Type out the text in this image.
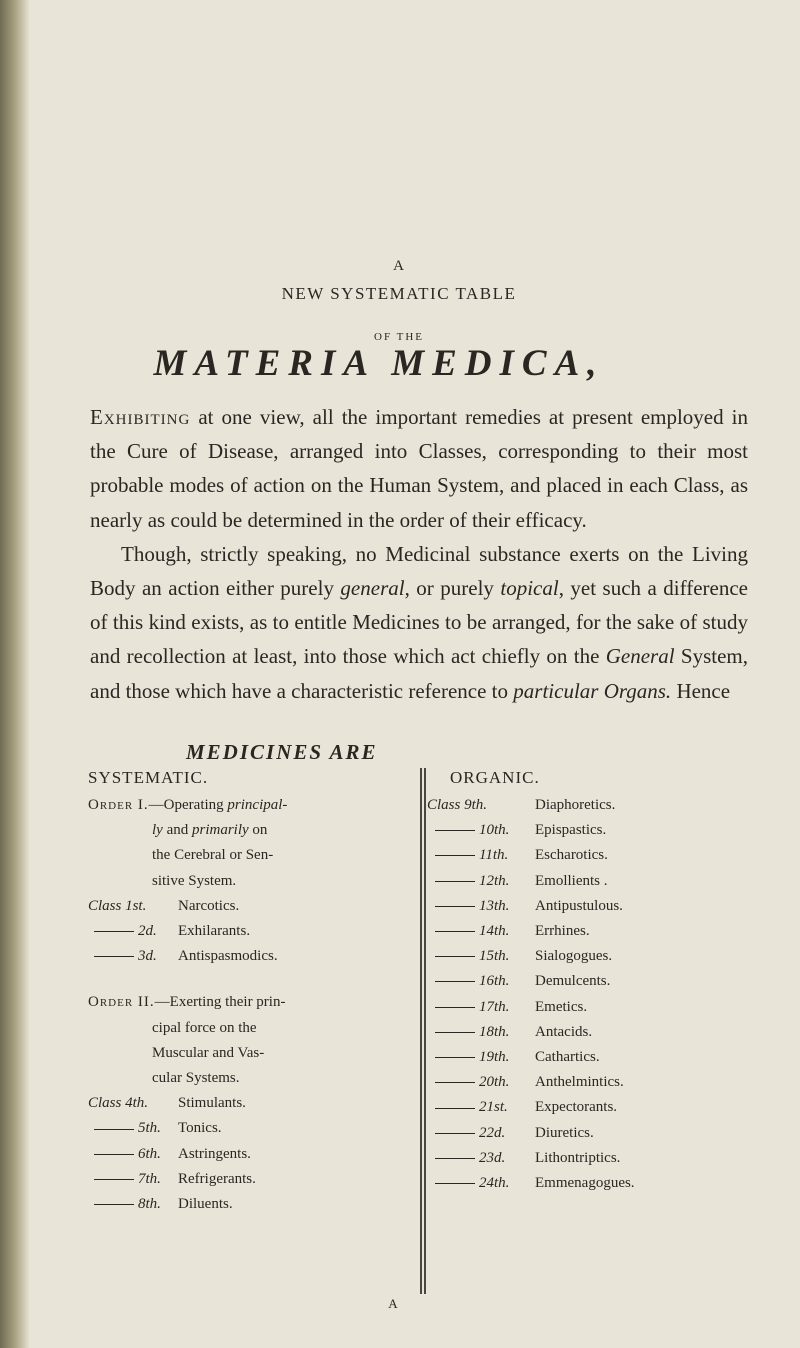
A
NEW SYSTEMATIC TABLE
OF THE
MATERIA MEDICA,

Exhibiting at one view, all the important remedies at present employed in the Cure of Disease, arranged into Classes, corresponding to their most probable modes of action on the Human System, and placed in each Class, as nearly as could be determined in the order of their efficacy.

Though, strictly speaking, no Medicinal substance exerts on the Living Body an action either purely general, or purely topical, yet such a difference of this kind exists, as to entitle Medicines to be arranged, for the sake of study and recollection at least, into those which act chiefly on the General System, and those which have a characteristic reference to particular Organs. Hence

MEDICINES ARE
SYSTEMATIC.	ORGANIC.
Order I.—Operating principal-
ly and primarily on
the Cerebral or Sen-
sitive System.
Class 1st.	Narcotics.
2d.	Exhilarants.
3d.	Antispasmodics.
Order II.—Exerting their prin-
cipal force on the
Muscular and Vas-
cular Systems.
Class 4th.	Stimulants.
5th.	Tonics.
6th.	Astringents.
7th.	Refrigerants.
8th.	Diluents.
Class 9th.	Diaphoretics.
10th.	Epispastics.
11th.	Escharotics.
12th.	Emollients .
13th.	Antipustulous.
14th.	Errhines.
15th.	Sialogogues.
16th.	Demulcents.
17th.	Emetics.
18th.	Antacids.
19th.	Cathartics.
20th.	Anthelmintics.
21st.	Expectorants.
22d.	Diuretics.
23d.	Lithontriptics.
24th.	Emmenagogues.
A
